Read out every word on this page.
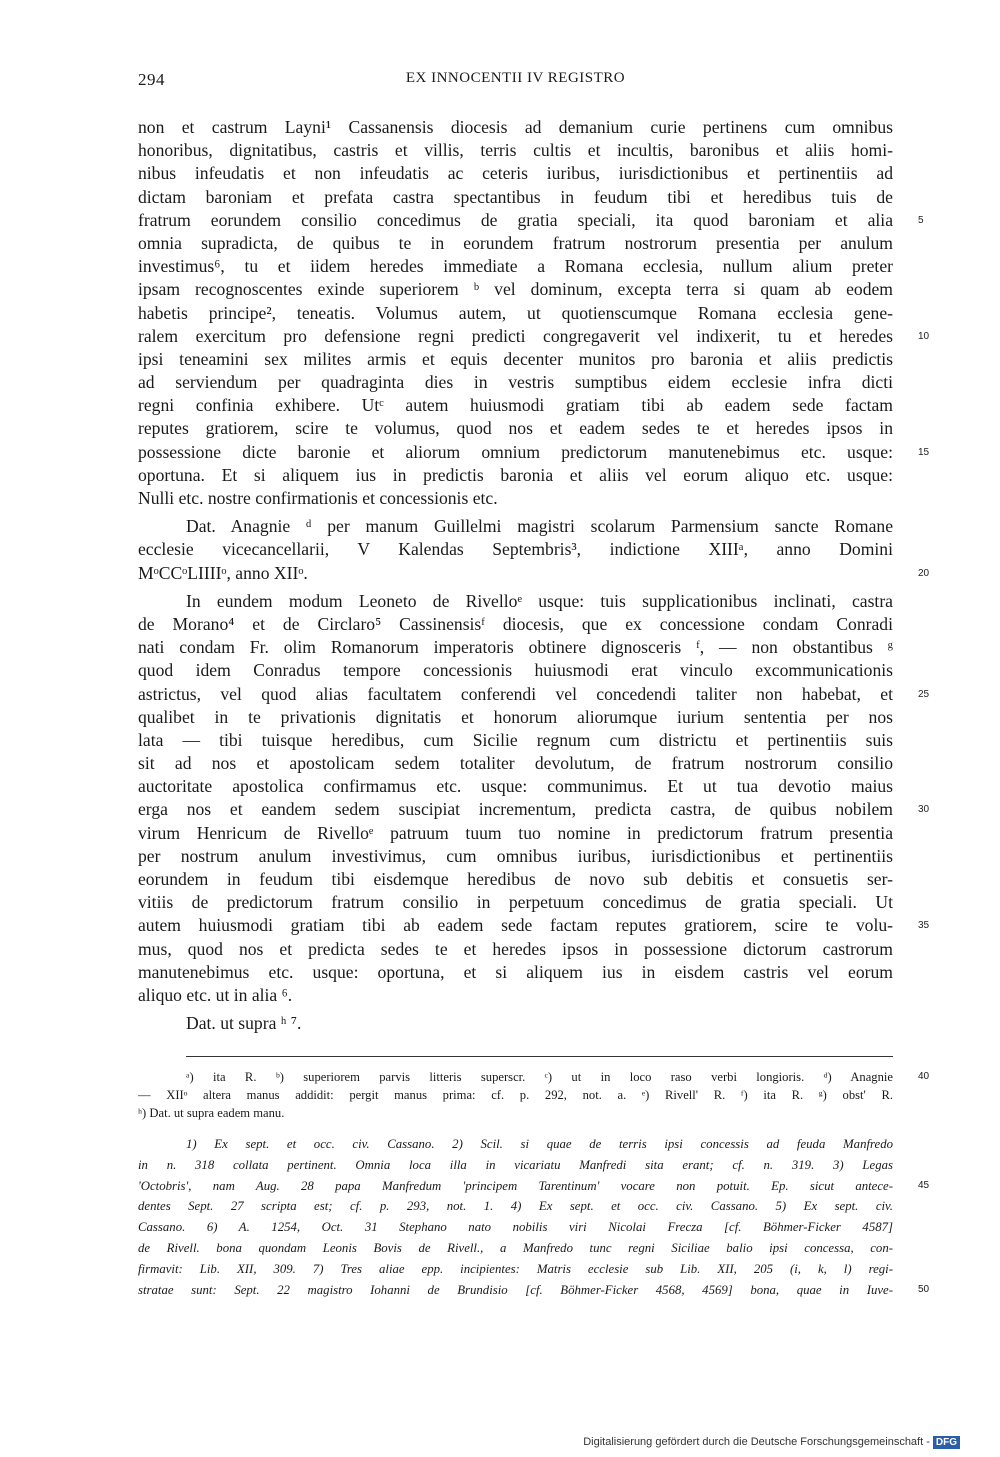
294	EX INNOCENTII IV REGISTRO
non et castrum Layni¹ Cassanensis diocesis ad demanium curie pertinens cum omnibus
honoribus, dignitatibus, castris et villis, terris cultis et incultis, baronibus et aliis homi-
nibus infeudatis et non infeudatis ac ceteris iuribus, iurisdictionibus et pertinentiis ad
dictam baroniam et prefata castra spectantibus in feudum tibi et heredibus tuis de
fratrum eorundem consilio concedimus de gratia speciali, ita quod baroniam et alia	5
omnia supradicta, de quibus te in eorundem fratrum nostrorum presentia per anulum
investimus⁶, tu et iidem heredes immediate a Romana ecclesia, nullum alium preter
ipsam recognoscentes exinde superiorem ᵇ vel dominum, excepta terra si quam ab eodem
habetis principe², teneatis. Volumus autem, ut quotienscumque Romana ecclesia gene-
ralem exercitum pro defensione regni predicti congregaverit vel indixerit, tu et heredes	10
ipsi teneamini sex milites armis et equis decenter munitos pro baronia et aliis predictis
ad serviendum per quadraginta dies in vestris sumptibus eidem ecclesie infra dicti
regni confinia exhibere. Utᶜ autem huiusmodi gratiam tibi ab eadem sede factam
reputes gratiorem, scire te volumus, quod nos et eadem sedes te et heredes ipsos in
possessione dicte baronie et aliorum omnium predictorum manutenebimus etc. usque:	15
oportuna. Et si aliquem ius in predictis baronia et aliis vel eorum aliquo etc. usque:
Nulli etc. nostre confirmationis et concessionis etc.
Dat. Anagnie ᵈ per manum Guillelmi magistri scolarum Parmensium sancte Romane
ecclesie vicecancellarii, V Kalendas Septembris³, indictione XIIIᵃ, anno Domini
MᵒCCᵒLIIIIᵒ, anno XIIᵒ.	20
In eundem modum Leoneto de Rivelloᵉ usque: tuis supplicationibus inclinati, castra
de Morano⁴ et de Circlaro⁵ Cassinensisᶠ diocesis, que ex concessione condam Conradi
nati condam Fr. olim Romanorum imperatoris obtinere dignosceris ᶠ, — non obstantibus ᵍ
quod idem Conradus tempore concessionis huiusmodi erat vinculo excommunicationis
astrictus, vel quod alias facultatem conferendi vel concedendi taliter non habebat, et	25
qualibet in te privationis dignitatis et honorum aliorumque iurium sententia per nos
lata — tibi tuisque heredibus, cum Sicilie regnum cum districtu et pertinentiis suis
sit ad nos et apostolicam sedem totaliter devolutum, de fratrum nostrorum consilio
auctoritate apostolica confirmamus etc. usque: communimus. Et ut tua devotio maius
erga nos et eandem sedem suscipiat incrementum, predicta castra, de quibus nobilem	30
virum Henricum de Rivelloᵉ patruum tuum tuo nomine in predictorum fratrum presentia
per nostrum anulum investivimus, cum omnibus iuribus, iurisdictionibus et pertinentiis
eorundem in feudum tibi eisdemque heredibus de novo sub debitis et consuetis ser-
vitiis de predictorum fratrum consilio in perpetuum concedimus de gratia speciali. Ut
autem huiusmodi gratiam tibi ab eadem sede factam reputes gratiorem, scire te volu-	35
mus, quod nos et predicta sedes te et heredes ipsos in possessione dictorum castrorum
manutenebimus etc. usque: oportuna, et si aliquem ius in eisdem castris vel eorum
aliquo etc. ut in alia ⁶.
Dat. ut supra ʰ ⁷.
ᵃ) ita R. ᵇ) superiorem parvis litteris superscr. ᶜ) ut in loco raso verbi longioris. ᵈ) Anagnie	40
— XIIᵒ altera manus addidit: pergit manus prima: cf. p. 292, not. a. ᵉ) Rivell' R. ᶠ) ita R. ᵍ) obst' R.
ʰ) Dat. ut supra eadem manu.
1) Ex sept. et occ. civ. Cassano. 2) Scil. si quae de terris ipsi concessis ad feuda Manfredo
in n. 318 collata pertinent. Omnia loca illa in vicariatu Manfredi sita erant; cf. n. 319. 3) Legas
'Octobris', nam Aug. 28 papa Manfredum 'principem Tarentinum' vocare non potuit. Ep. sicut antece-	45
dentes Sept. 27 scripta est; cf. p. 293, not. 1. 4) Ex sept. et occ. civ. Cassano. 5) Ex sept. civ.
Cassano. 6) A. 1254, Oct. 31 Stephano nato nobilis viri Nicolai Frecza [cf. Böhmer-Ficker 4587]
de Rivell. bona quondam Leonis Bovis de Rivell., a Manfredo tunc regni Siciliae balio ipsi concessa, con-
firmavit: Lib. XII, 309. 7) Tres aliae epp. incipientes: Matris ecclesie sub Lib. XII, 205 (i, k, l) regi-
stratae sunt: Sept. 22 magistro Iohanni de Brundisio [cf. Böhmer-Ficker 4568, 4569] bona, quae in Iuve-	50
Digitalisierung gefördert durch die Deutsche Forschungsgemeinschaft - DFG
